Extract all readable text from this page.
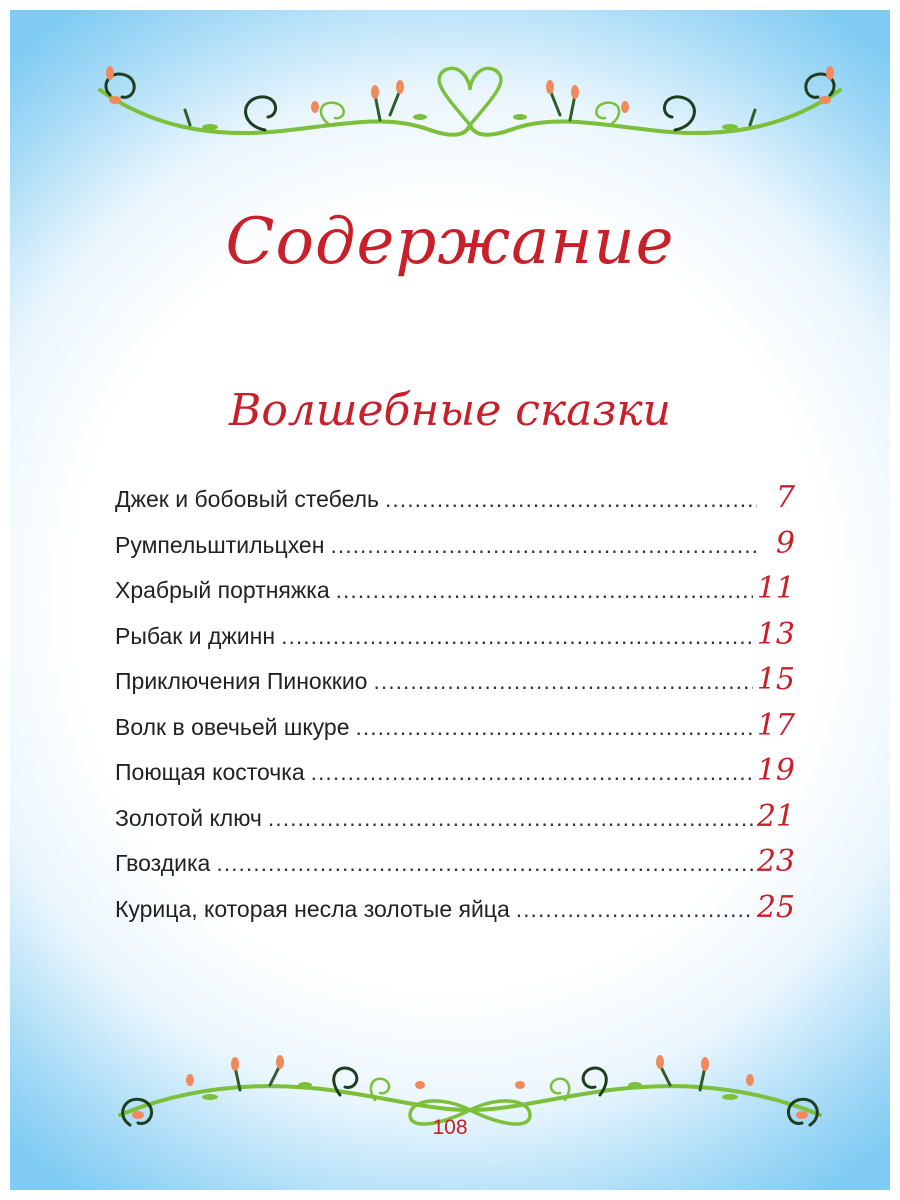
Содержание
Волшебные сказки
Джек и бобовый стебель .....	7
Румпельштильцхен .....	9
Храбрый портняжка .....	11
Рыбак и джинн .....	13
Приключения Пиноккио .....	15
Волк в овечьей шкуре .....	17
Поющая косточка .....	19
Золотой ключ .....	21
Гвоздика .....	23
Курица, которая несла золотые яйца .....	25
108
